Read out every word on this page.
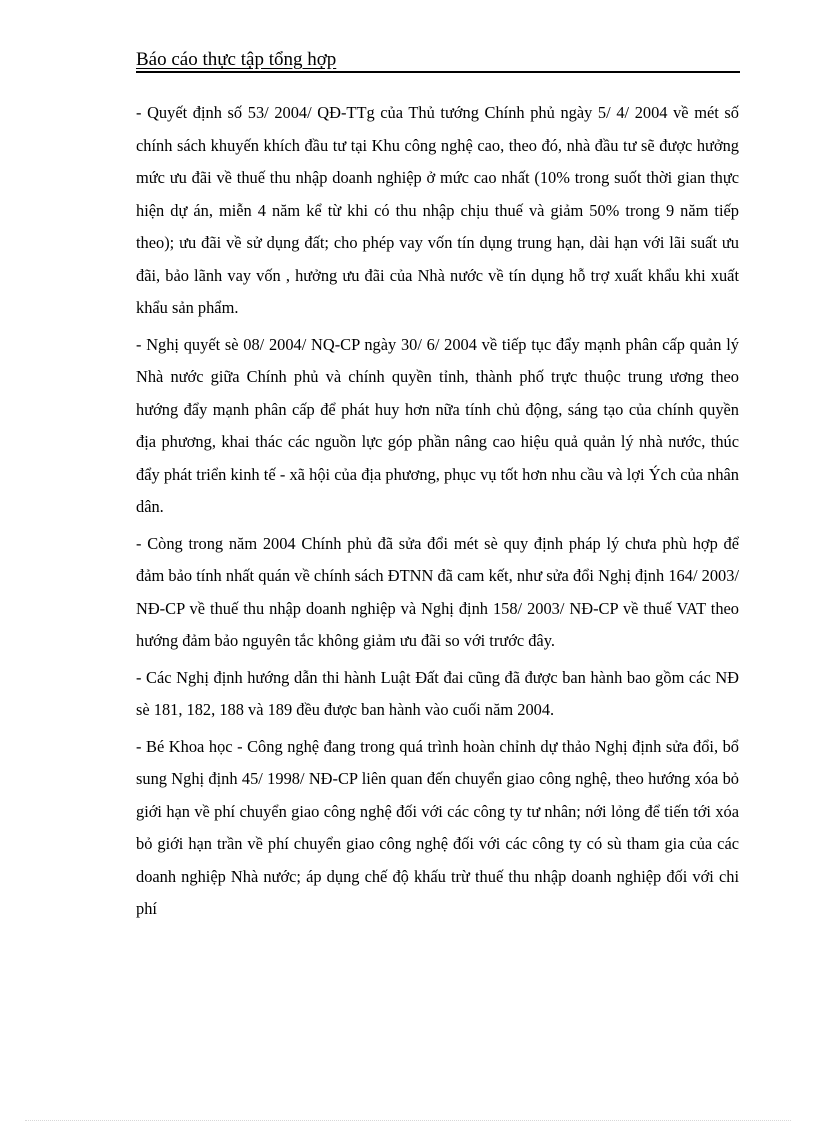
Báo cáo thực tập tổng hợp

- Quyết định số 53/ 2004/ QĐ-TTg của Thủ tướng Chính phủ ngày 5/ 4/ 2004 về mét số chính sách khuyến khích đầu tư tại Khu công nghệ cao, theo đó, nhà đầu tư sẽ được hưởng mức ưu đãi về thuế thu nhập doanh nghiệp ở mức cao nhất (10% trong suốt thời gian thực hiện dự án, miễn 4 năm kể từ khi có thu nhập chịu thuế và giảm 50% trong 9 năm tiếp theo); ưu đãi về sử dụng đất; cho phép vay vốn tín dụng trung hạn, dài hạn với lãi suất ưu đãi, bảo lãnh vay vốn , hưởng ưu đãi của Nhà nước về tín dụng hỗ trợ xuất khẩu khi xuất khẩu sản phẩm.

- Nghị quyết sè 08/ 2004/ NQ-CP ngày 30/ 6/ 2004 về tiếp tục đẩy mạnh phân cấp quản lý Nhà nước giữa Chính phủ và chính quyền tỉnh, thành phố trực thuộc trung ương theo hướng đẩy mạnh phân cấp để phát huy hơn nữa tính chủ động, sáng tạo của chính quyền địa phương, khai thác các nguồn lực góp phần nâng cao hiệu quả quản lý nhà nước, thúc đẩy phát triển kinh tế - xã hội của địa phương, phục vụ tốt hơn nhu cầu và lợi Ých của nhân dân.

- Còng trong năm 2004 Chính phủ đã sửa đổi mét sè quy định pháp lý chưa phù hợp để đảm bảo tính nhất quán về chính sách ĐTNN đã cam kết, như sửa đổi Nghị định 164/ 2003/ NĐ-CP về thuế thu nhập doanh nghiệp và Nghị định 158/ 2003/ NĐ-CP về thuế VAT theo hướng đảm bảo nguyên tắc không giảm ưu đãi so với trước đây.

- Các Nghị định hướng dẫn thi hành Luật Đất đai cũng đã được ban hành bao gồm các NĐ sè 181, 182, 188 và 189 đều được ban hành vào cuối năm 2004.

- Bé Khoa học - Công nghệ đang trong quá trình hoàn chỉnh dự thảo Nghị định sửa đổi, bổ sung Nghị định 45/ 1998/ NĐ-CP liên quan đến chuyển giao công nghệ, theo hướng xóa bỏ giới hạn về phí chuyển giao công nghệ đối với các công ty tư nhân; nới lỏng để tiến tới xóa bỏ giới hạn trần về phí chuyển giao công nghệ đối với các công ty có sù tham gia của các doanh nghiệp Nhà nước; áp dụng chế độ khấu trừ thuế thu nhập doanh nghiệp đối với chi phí
